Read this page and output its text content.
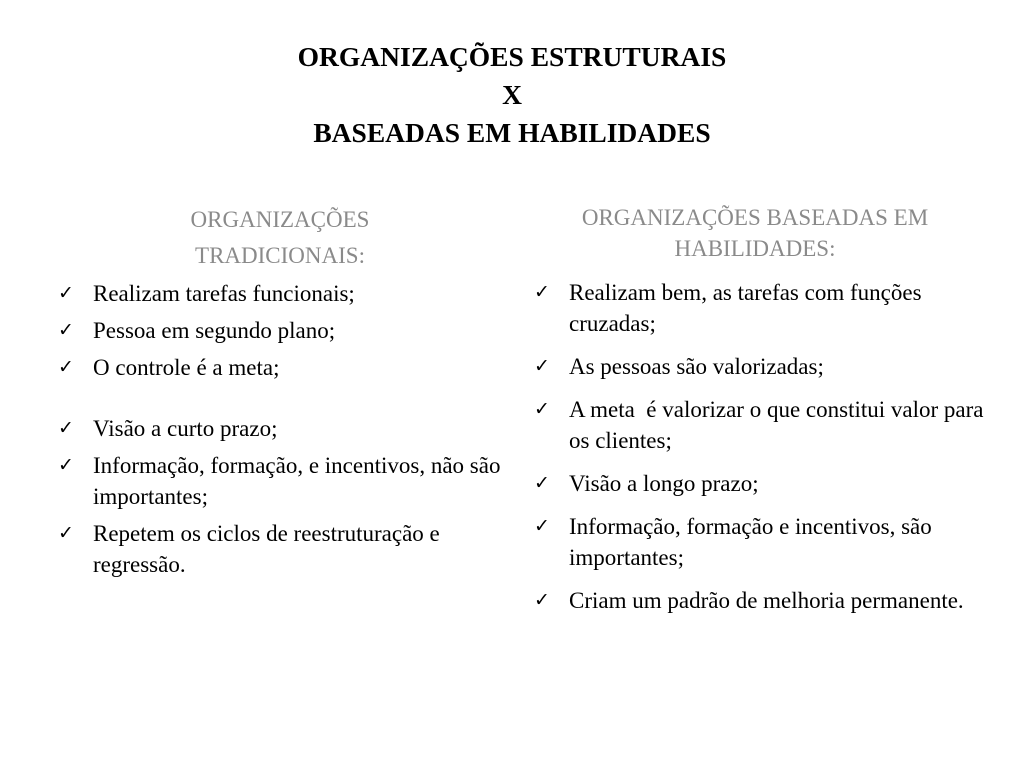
ORGANIZAÇÕES ESTRUTURAIS
X
BASEADAS EM HABILIDADES
ORGANIZAÇÕES
TRADICIONAIS:
✓ Realizam tarefas funcionais;
✓ Pessoa em segundo plano;
✓ O controle é a meta;
✓ Visão a curto prazo;
✓ Informação, formação, e incentivos, não são importantes;
✓ Repetem os ciclos de reestruturação e regressão.
ORGANIZAÇÕES BASEADAS EM HABILIDADES:
✓ Realizam bem, as tarefas com funções cruzadas;
✓ As pessoas são valorizadas;
✓ A meta  é valorizar o que constitui valor para os clientes;
✓ Visão a longo prazo;
✓ Informação, formação e incentivos, são importantes;
✓ Criam um padrão de melhoria permanente.
